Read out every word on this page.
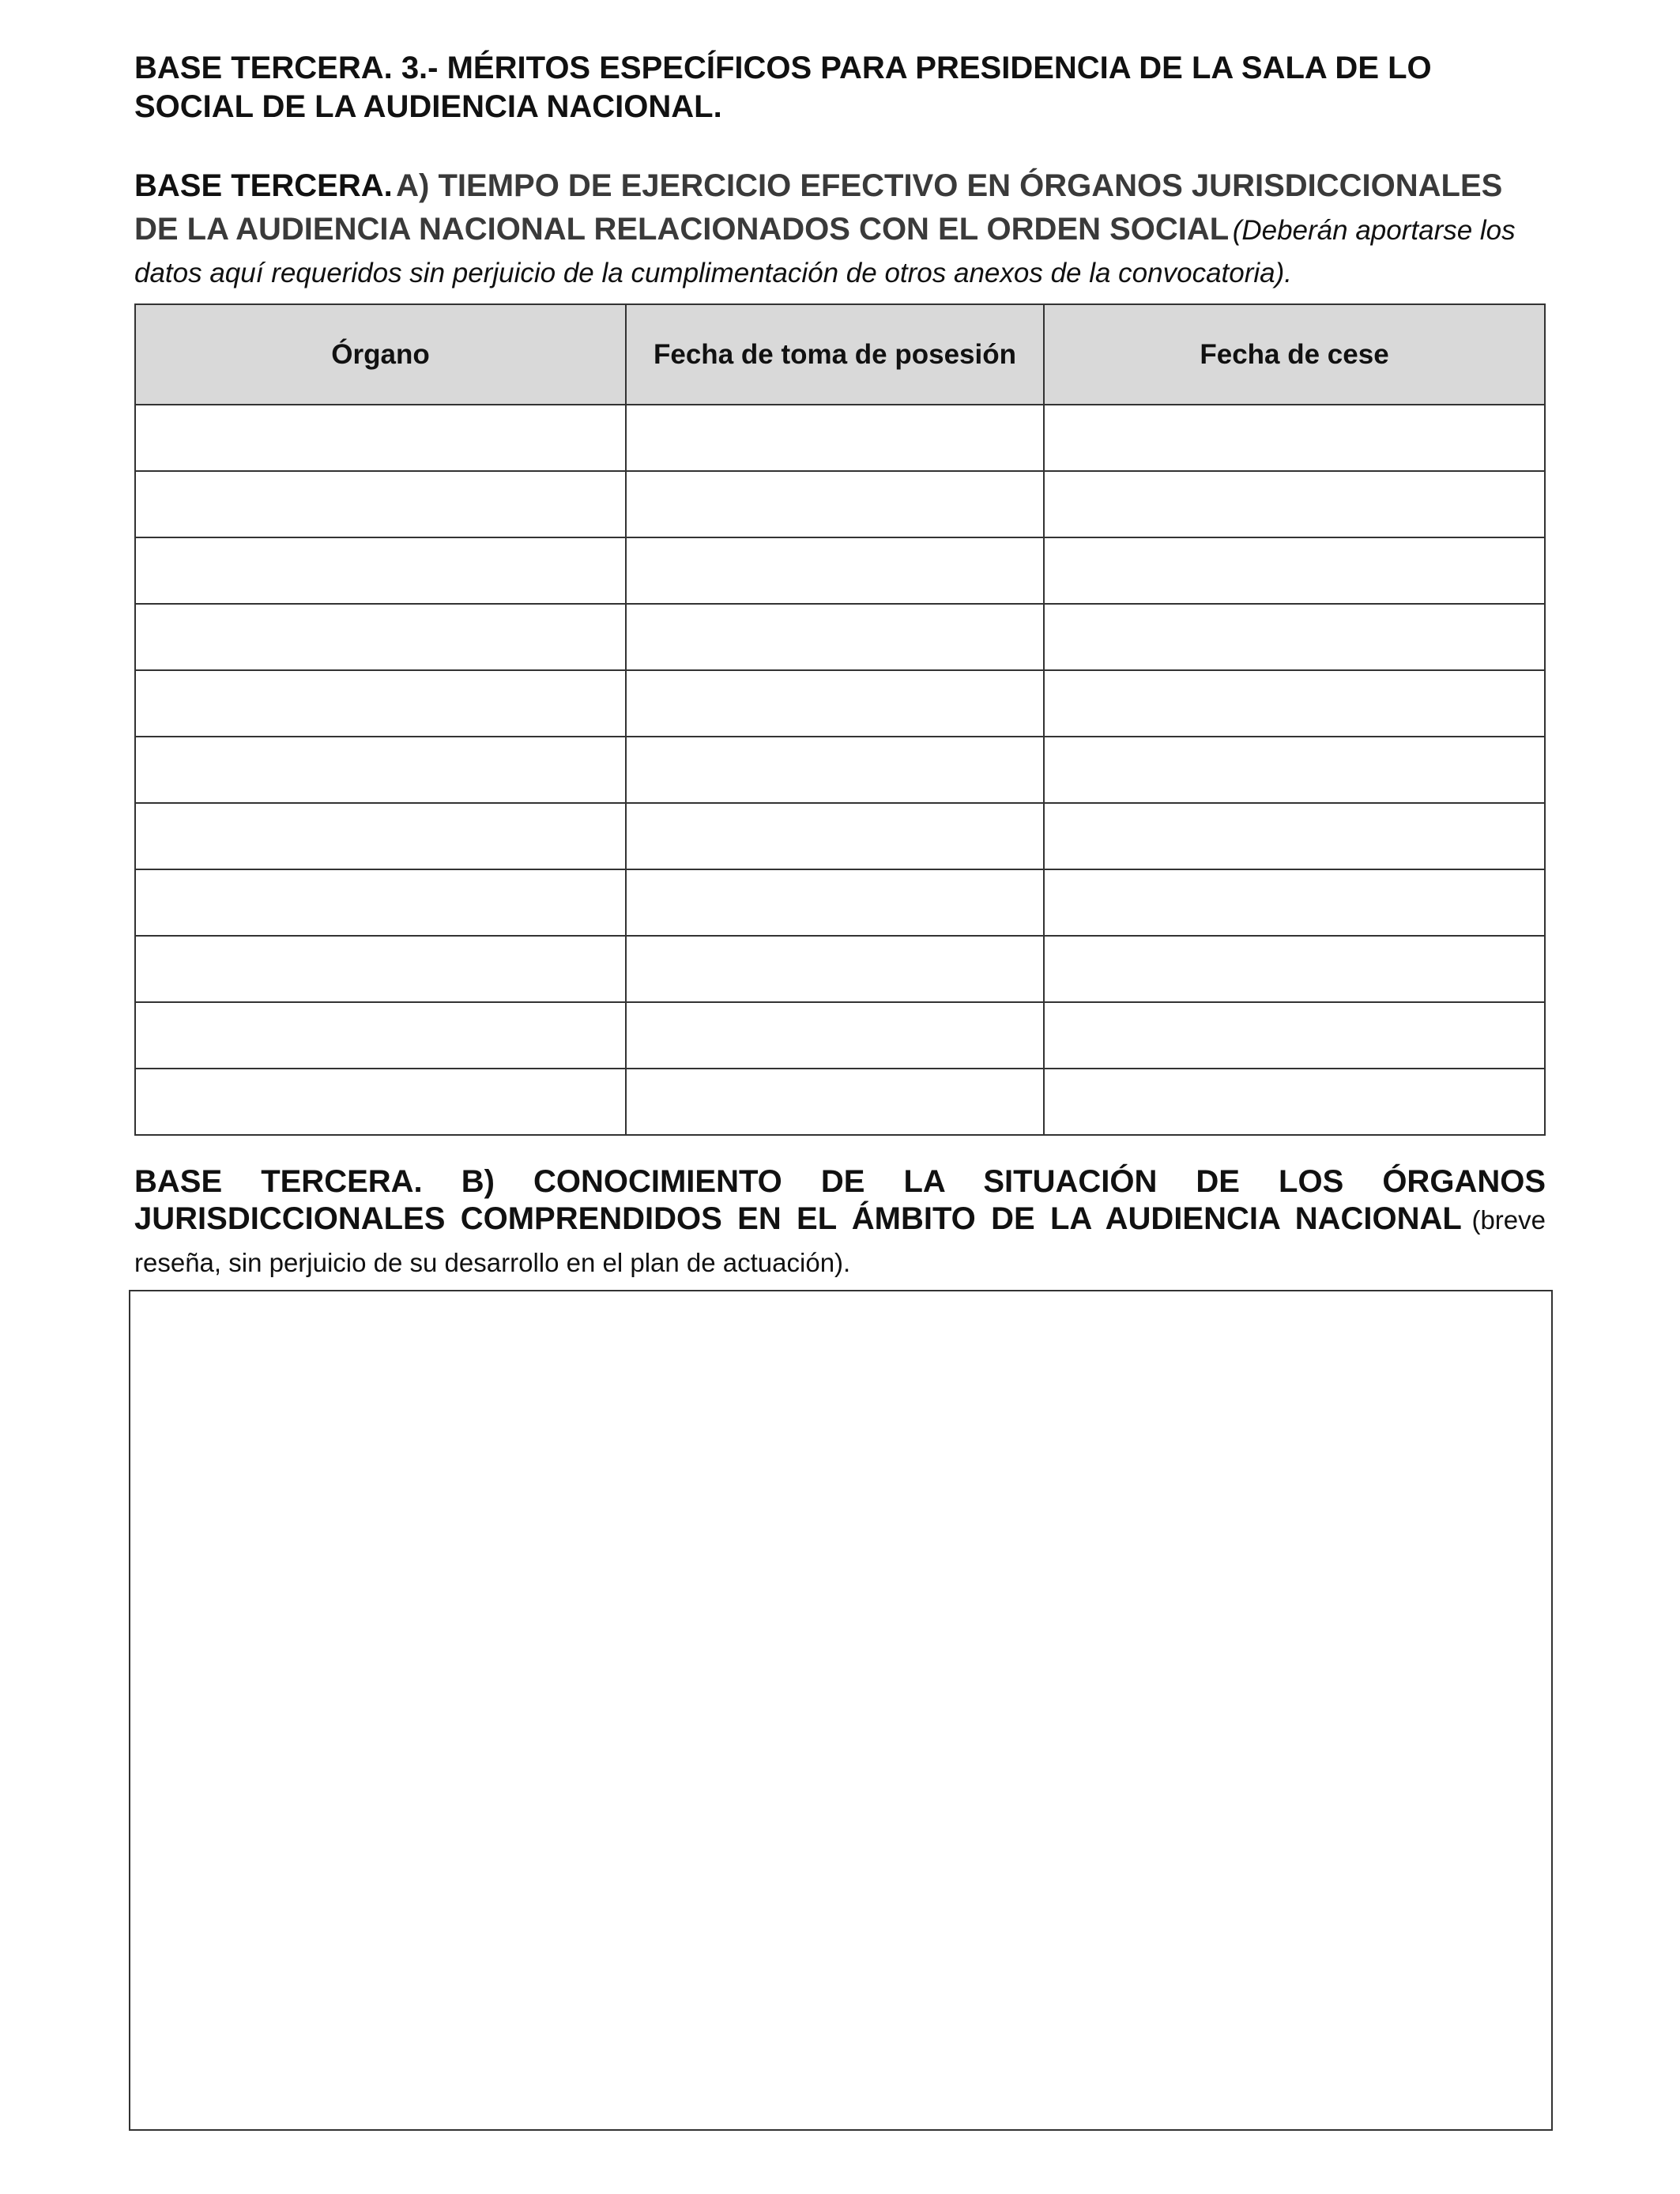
BASE TERCERA. 3.- MÉRITOS ESPECÍFICOS PARA PRESIDENCIA DE LA SALA DE LO SOCIAL DE LA AUDIENCIA NACIONAL.

BASE TERCERA. A) TIEMPO DE EJERCICIO EFECTIVO EN ÓRGANOS JURISDICCIONALES DE LA AUDIENCIA NACIONAL RELACIONADOS CON EL ORDEN SOCIAL (Deberán aportarse los datos aquí requeridos sin perjuicio de la cumplimentación de otros anexos de la convocatoria).

Órgano	Fecha de toma de posesión	Fecha de cese

BASE TERCERA. B) CONOCIMIENTO DE LA SITUACIÓN DE LOS ÓRGANOS
JURISDICCIONALES COMPRENDIDOS EN EL ÁMBITO DE LA AUDIENCIA NACIONAL (breve reseña, sin perjuicio de su desarrollo en el plan de actuación).
